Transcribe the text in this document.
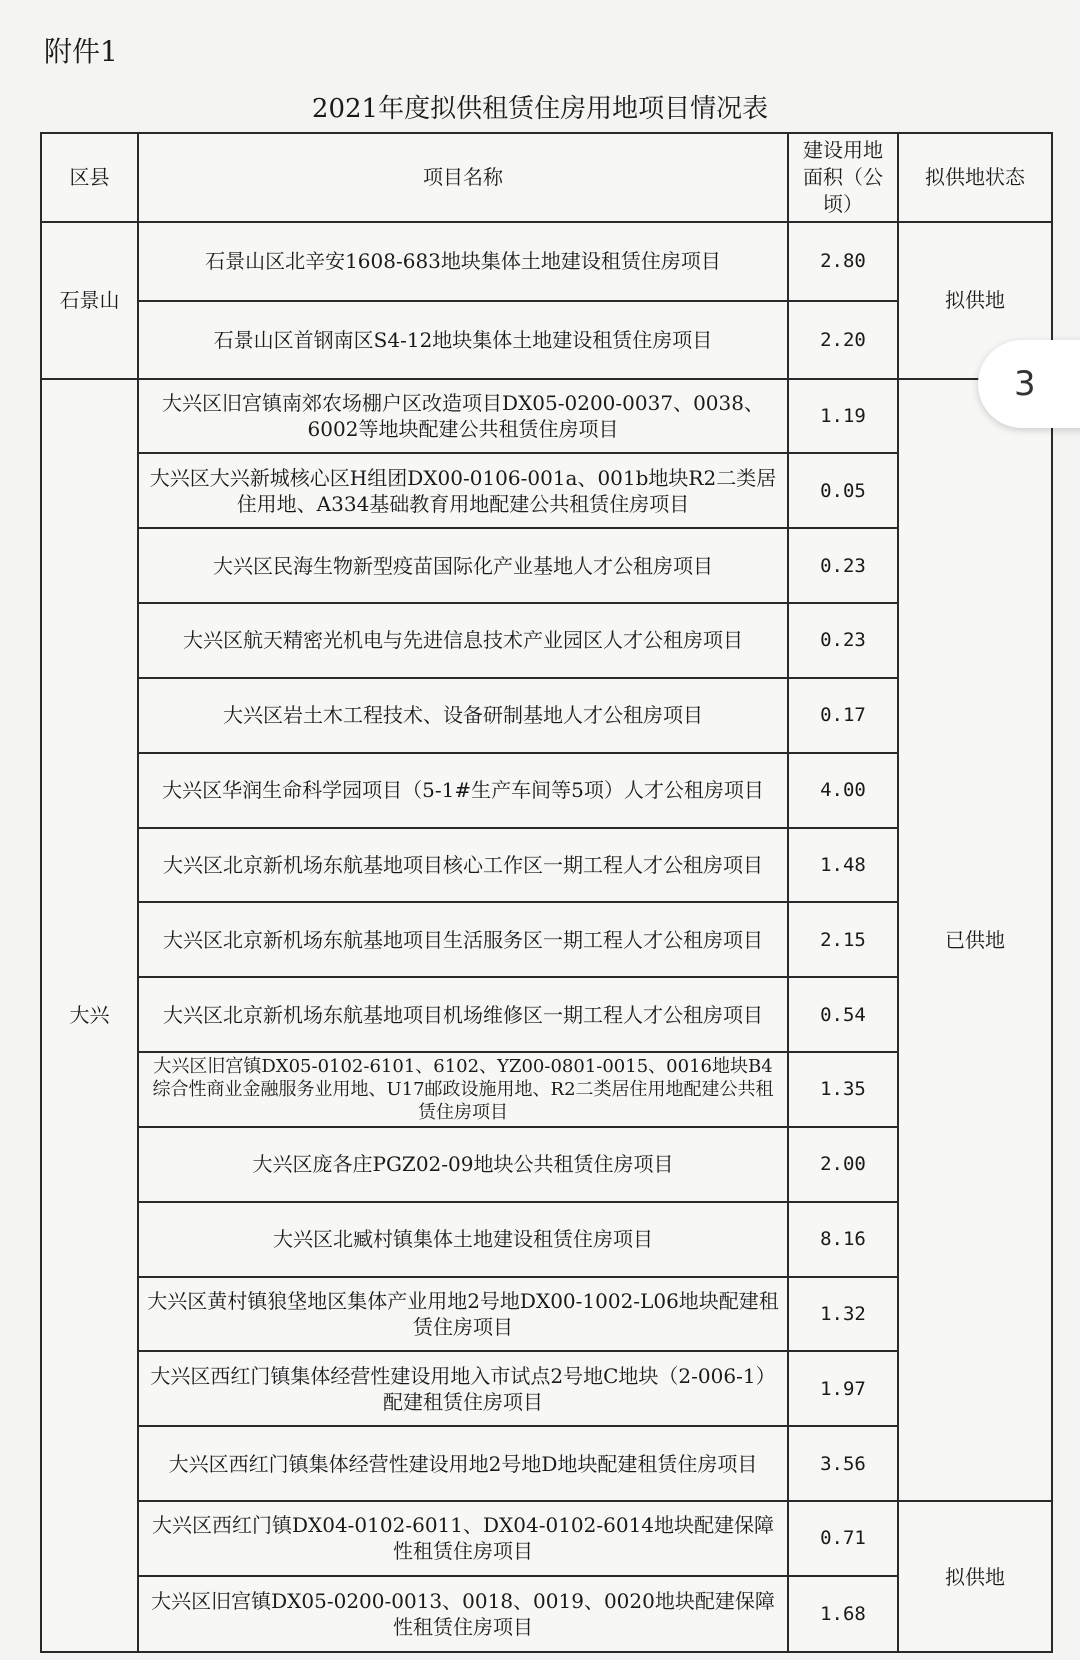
附件1
2021年度拟供租赁住房用地项目情况表
区县	项目名称	建设用地面积（公顷）	拟供地状态
石景山	石景山区北辛安1608-683地块集体土地建设租赁住房项目	2.80	拟供地
	石景山区首钢南区S4-12地块集体土地建设租赁住房项目	2.20	
大兴	大兴区旧宫镇南郊农场棚户区改造项目DX05-0200-0037、0038、6002等地块配建公共租赁住房项目	1.19	已供地
	大兴区大兴新城核心区H组团DX00-0106-001a、001b地块R2二类居住用地、A334基础教育用地配建公共租赁住房项目	0.05	
	大兴区民海生物新型疫苗国际化产业基地人才公租房项目	0.23	
	大兴区航天精密光机电与先进信息技术产业园区人才公租房项目	0.23	
	大兴区岩土木工程技术、设备研制基地人才公租房项目	0.17	
	大兴区华润生命科学园项目（5-1#生产车间等5项）人才公租房项目	4.00	
	大兴区北京新机场东航基地项目核心工作区一期工程人才公租房项目	1.48	
	大兴区北京新机场东航基地项目生活服务区一期工程人才公租房项目	2.15	
	大兴区北京新机场东航基地项目机场维修区一期工程人才公租房项目	0.54	
	大兴区旧宫镇DX05-0102-6101、6102、YZ00-0801-0015、0016地块B4综合性商业金融服务业用地、U17邮政设施用地、R2二类居住用地配建公共租赁住房项目	1.35	
	大兴区庞各庄PGZ02-09地块公共租赁住房项目	2.00	
	大兴区北臧村镇集体土地建设租赁住房项目	8.16	
	大兴区黄村镇狼垡地区集体产业用地2号地DX00-1002-L06地块配建租赁住房项目	1.32	
	大兴区西红门镇集体经营性建设用地入市试点2号地C地块（2-006-1）配建租赁住房项目	1.97	
	大兴区西红门镇集体经营性建设用地2号地D地块配建租赁住房项目	3.56	
	大兴区西红门镇DX04-0102-6011、DX04-0102-6014地块配建保障性租赁住房项目	0.71	拟供地
	大兴区旧宫镇DX05-0200-0013、0018、0019、0020地块配建保障性租赁住房项目	1.68	
3
